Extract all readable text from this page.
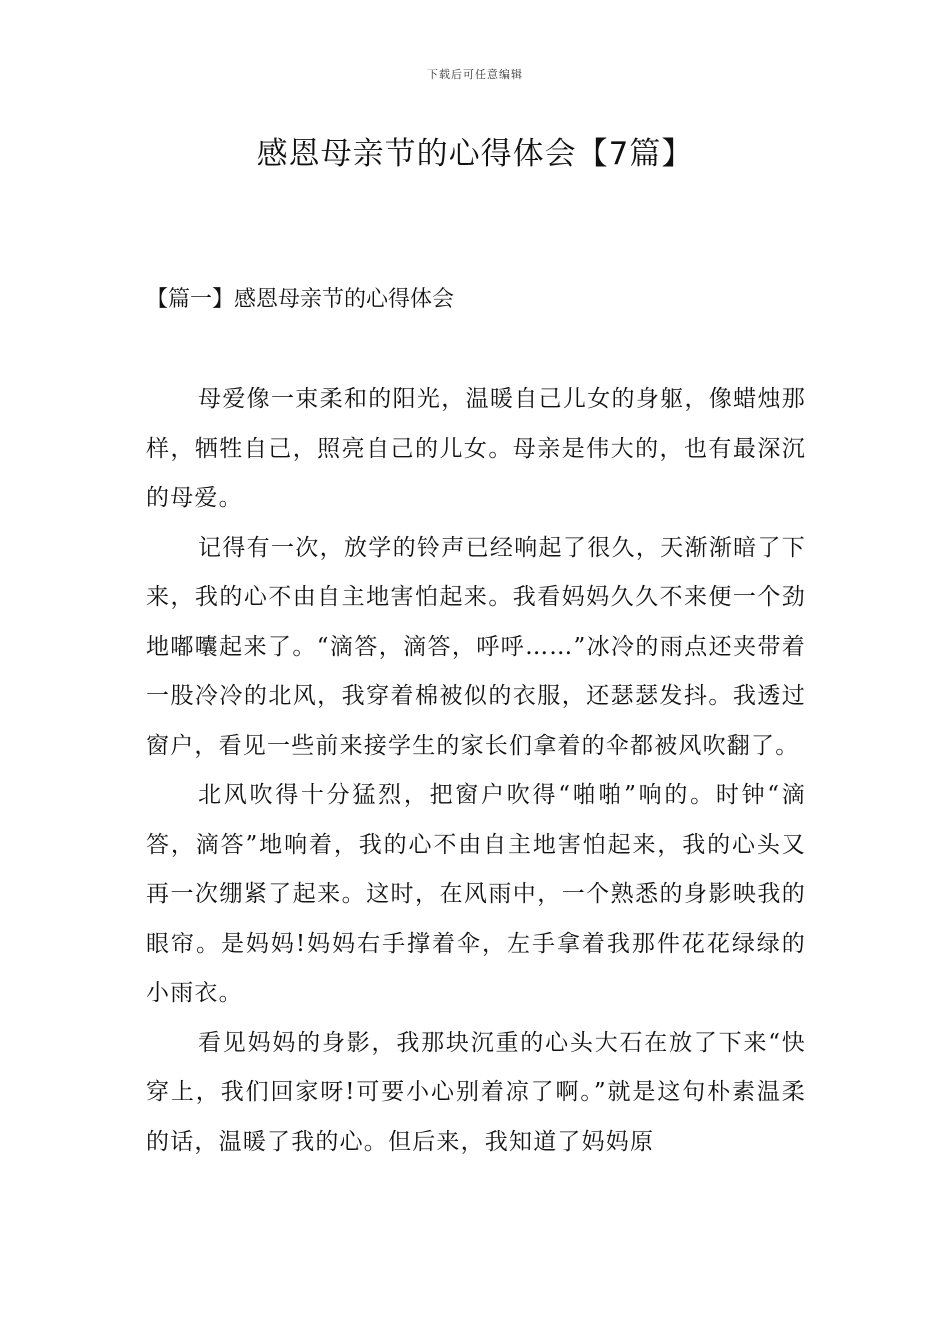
下载后可任意编辑
感恩母亲节的心得体会【7篇】
【篇一】感恩母亲节的心得体会

母爱像一束柔和的阳光，温暖自己儿女的身躯，像蜡烛那样，牺牲自己，照亮自己的儿女。母亲是伟大的，也有最深沉的母爱。

记得有一次，放学的铃声已经响起了很久，天渐渐暗了下来，我的心不由自主地害怕起来。我看妈妈久久不来便一个劲地嘟囔起来了。“滴答，滴答，呼呼……”冰冷的雨点还夹带着一股冷冷的北风，我穿着棉被似的衣服，还瑟瑟发抖。我透过窗户，看见一些前来接学生的家长们拿着的伞都被风吹翻了。

北风吹得十分猛烈，把窗户吹得“啪啪”响的。时钟“滴答，滴答”地响着，我的心不由自主地害怕起来，我的心头又再一次绷紧了起来。这时，在风雨中，一个熟悉的身影映我的眼帘。是妈妈!妈妈右手撑着伞，左手拿着我那件花花绿绿的小雨衣。

看见妈妈的身影，我那块沉重的心头大石在放了下来“快穿上，我们回家呀!可要小心别着凉了啊。”就是这句朴素温柔的话，温暖了我的心。但后来，我知道了妈妈原
